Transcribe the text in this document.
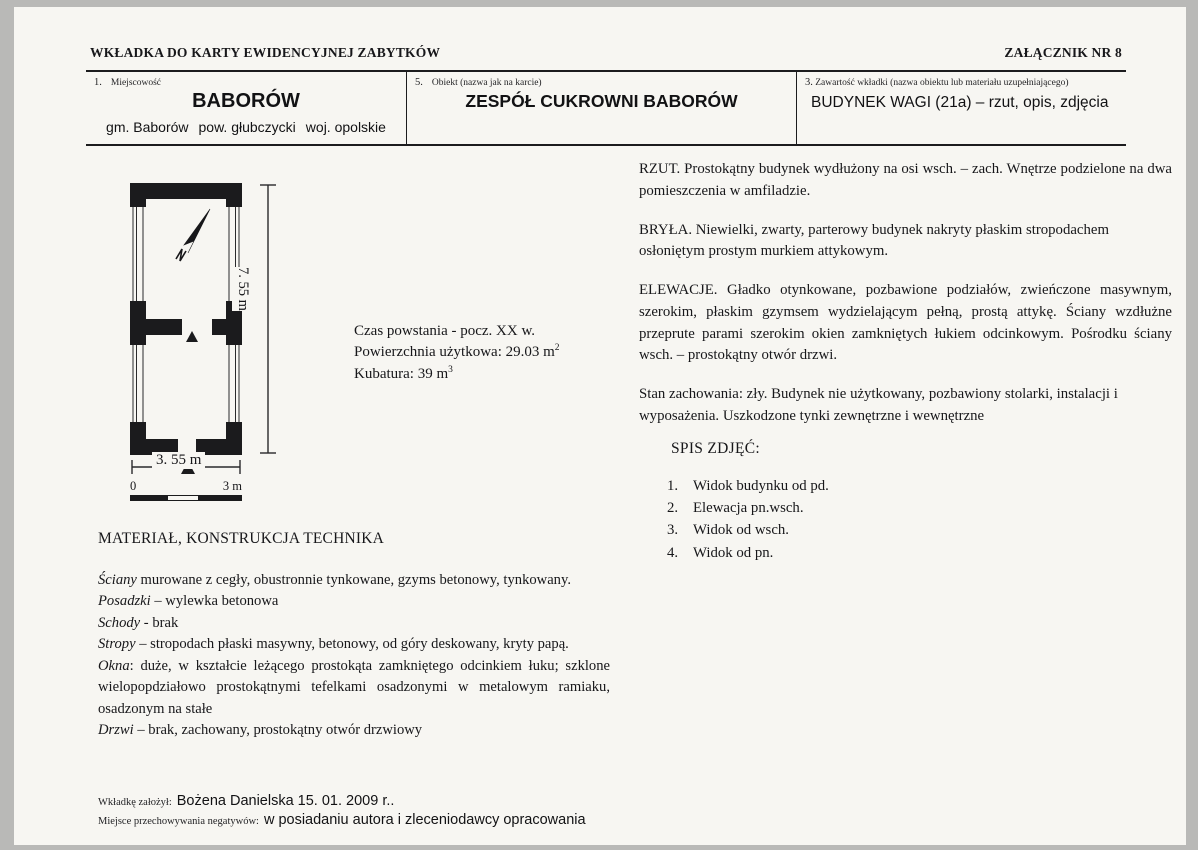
WKŁADKA DO KARTY EWIDENCYJNEJ ZABYTKÓW	ZAŁĄCZNIK NR 8
1. Miejscowość
BABORÓW
gm. Baborów pow. głubczycki woj. opolskie
5. Obiekt (nazwa jak na karcie)
ZESPÓŁ CUKROWNI BABORÓW
3. Zawartość wkładki (nazwa obiektu lub materiału uzupełniającego)
BUDYNEK WAGI (21a) – rzut, opis, zdjęcia
7. 55 m
3. 55 m
0	3 m
Czas powstania - pocz. XX w.
Powierzchnia użytkowa: 29.03 $m^2$
Kubatura: 39 $m^3$
MATERIAŁ, KONSTRUKCJA TECHNIKA

Ściany murowane z cegły, obustronnie tynkowane, gzyms betonowy, tynkowany.

Posadzki – wylewka betonowa

Schody - brak

Stropy – stropodach płaski masywny, betonowy, od góry deskowany, kryty papą.

Okna: duże, w kształcie leżącego prostokąta zamkniętego odcinkiem łuku; szklone wielopopdziałowo prostokątnymi tefelkami osadzonymi w metalowym ramiaku, osadzonym na stałe

Drzwi – brak, zachowany, prostokątny otwór drzwiowy

Wkładkę założył: Bożena Danielska 15. 01. 2009 r..
Miejsce przechowywania negatywów: w posiadaniu autora i zleceniodawcy opracowania

RZUT. Prostokątny budynek wydłużony na osi wsch. – zach. Wnętrze podzielone na dwa pomieszczenia w amfiladzie.

BRYŁA. Niewielki, zwarty, parterowy budynek nakryty płaskim stropodachem osłoniętym prostym murkiem attykowym.

ELEWACJE. Gładko otynkowane, pozbawione podziałów, zwieńczone masywnym, szerokim, płaskim gzymsem wydzielającym pełną, prostą attykę. Ściany wzdłużne przeprute parami szerokim okien zamkniętych łukiem odcinkowym. Pośrodku ściany wsch. – prostokątny otwór drzwi.

Stan zachowania: zły. Budynek nie użytkowany, pozbawiony stolarki, instalacji i wyposażenia. Uszkodzone tynki zewnętrzne i wewnętrzne

SPIS ZDJĘĆ:
1.	Widok budynku od pd.
2.	Elewacja pn.wsch.
3.	Widok od wsch.
4.	Widok od pn.
